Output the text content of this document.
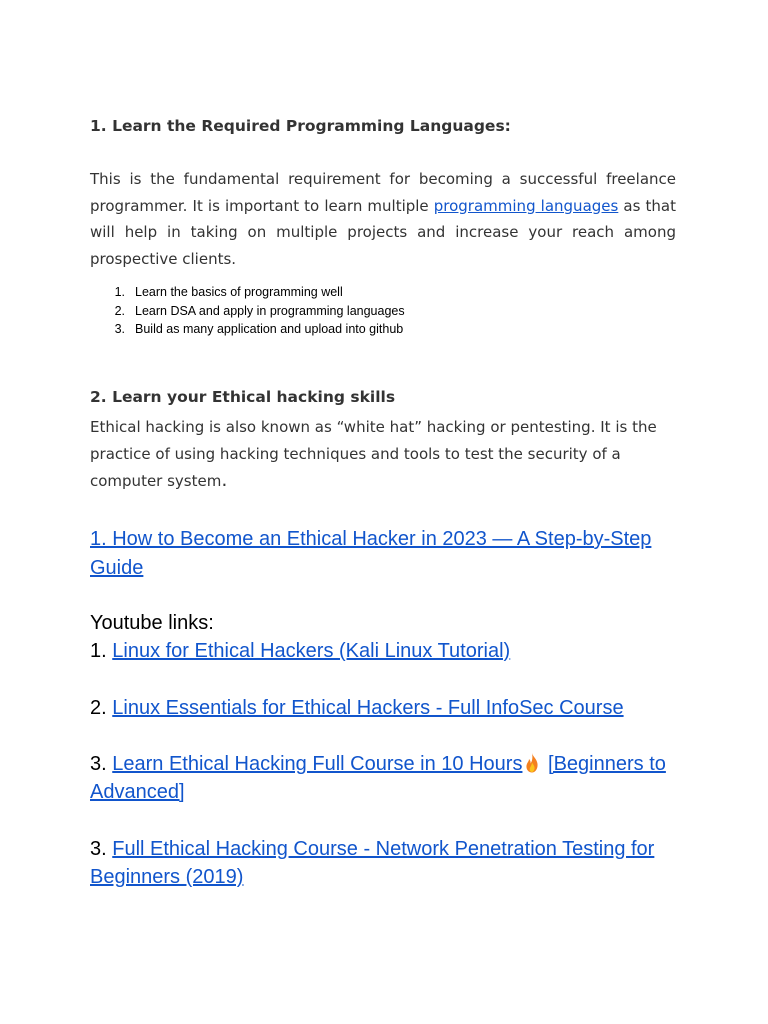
1. Learn the Required Programming Languages:
This is the fundamental requirement for becoming a successful freelance programmer. It is important to learn multiple programming languages as that will help in taking on multiple projects and increase your reach among prospective clients.
1. Learn the basics of programming well
2. Learn DSA and apply in programming languages
3. Build as many application and upload into github
2. Learn your Ethical hacking skills
Ethical hacking is also known as “white hat” hacking or pentesting. It is the practice of using hacking techniques and tools to test the security of a computer system.
1. How to Become an Ethical Hacker in 2023 — A Step-by-Step Guide
Youtube links:
1. Linux for Ethical Hackers (Kali Linux Tutorial)
2. Linux Essentials for Ethical Hackers - Full InfoSec Course
3. Learn Ethical Hacking Full Course in 10 Hours [Beginners to Advanced]
3. Full Ethical Hacking Course - Network Penetration Testing for Beginners (2019)
